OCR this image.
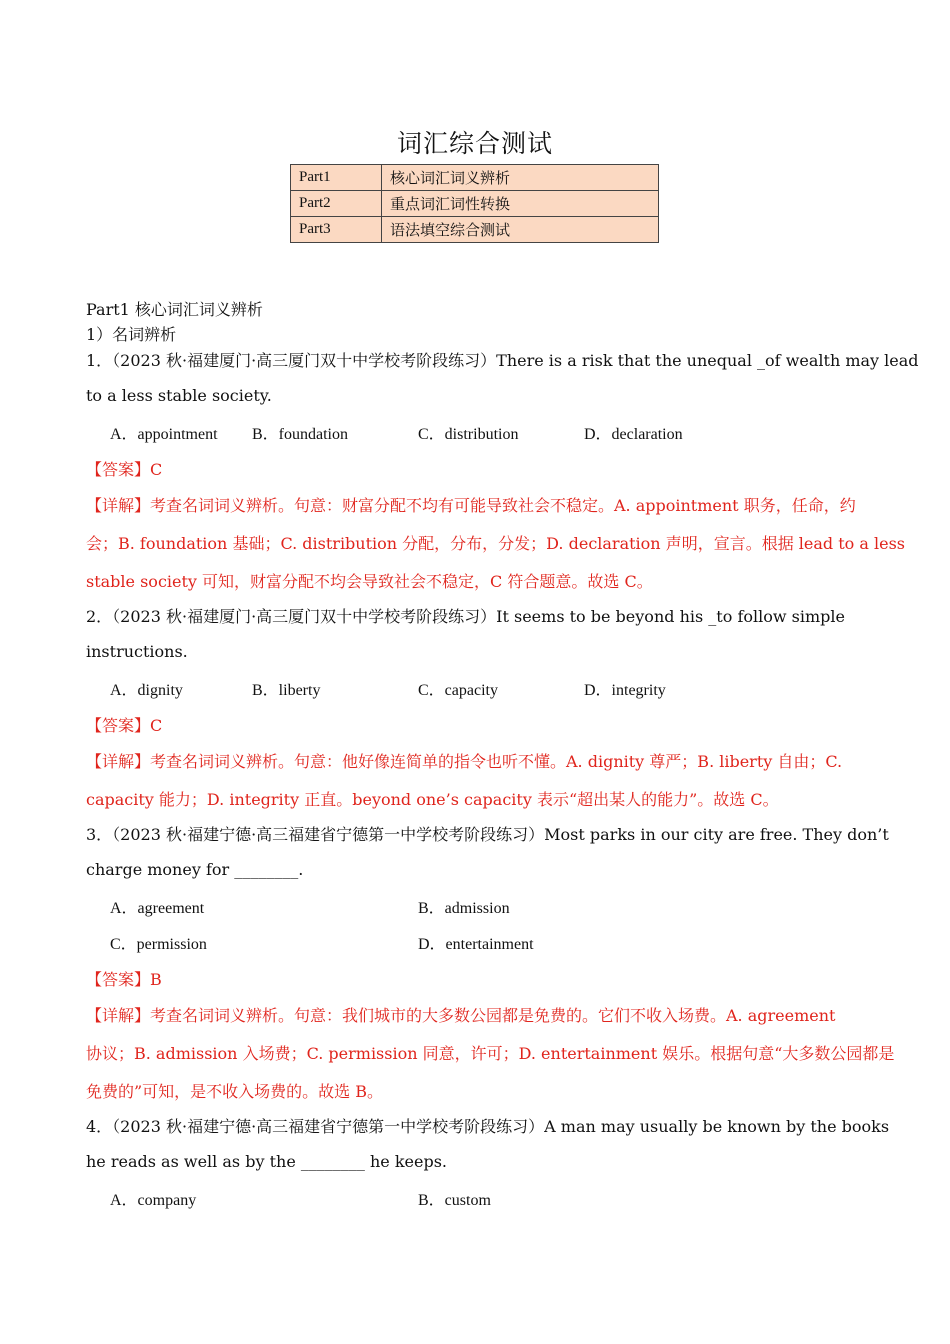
词汇综合测试
Part1	核心词汇词义辨析
Part2	重点词汇词性转换
Part3	语法填空综合测试
Part1 核心词汇词义辨析
1）名词辨析
1．（2023 秋·福建厦门·高三厦门双十中学校考阶段练习）There is a risk that the unequal _of wealth may lead
to a less stable society.
A．appointment B．foundation	C．distribution	D．declaration
【答案】C
【详解】考查名词词义辨析。句意：财富分配不均有可能导致社会不稳定。A. appointment 职务，任命，约
会；B. foundation 基础；C. distribution 分配，分布，分发；D. declaration 声明，宣言。根据 lead to a less
stable society 可知，财富分配不均会导致社会不稳定，C 符合题意。故选 C。
2．（2023 秋·福建厦门·高三厦门双十中学校考阶段练习）It seems to be beyond his _to follow simple
instructions.
A．dignity	B．liberty	C．capacity	D．integrity
【答案】C
【详解】考查名词词义辨析。句意：他好像连简单的指令也听不懂。A. dignity 尊严；B. liberty 自由；C.
capacity 能力；D. integrity 正直。beyond one’s capacity 表示“超出某人的能力”。故选 C。
3．（2023 秋·福建宁德·高三福建省宁德第一中学校考阶段练习）Most parks in our city are free. They don’t
charge money for ________.
A．agreement	B．admission
C．permission	D．entertainment
【答案】B
【详解】考查名词词义辨析。句意：我们城市的大多数公园都是免费的。它们不收入场费。A. agreement
协议；B. admission 入场费；C. permission 同意，许可；D. entertainment 娱乐。根据句意“大多数公园都是
免费的”可知，是不收入场费的。故选 B。
4．（2023 秋·福建宁德·高三福建省宁德第一中学校考阶段练习）A man may usually be known by the books
he reads as well as by the ________ he keeps.
A．company	B．custom
